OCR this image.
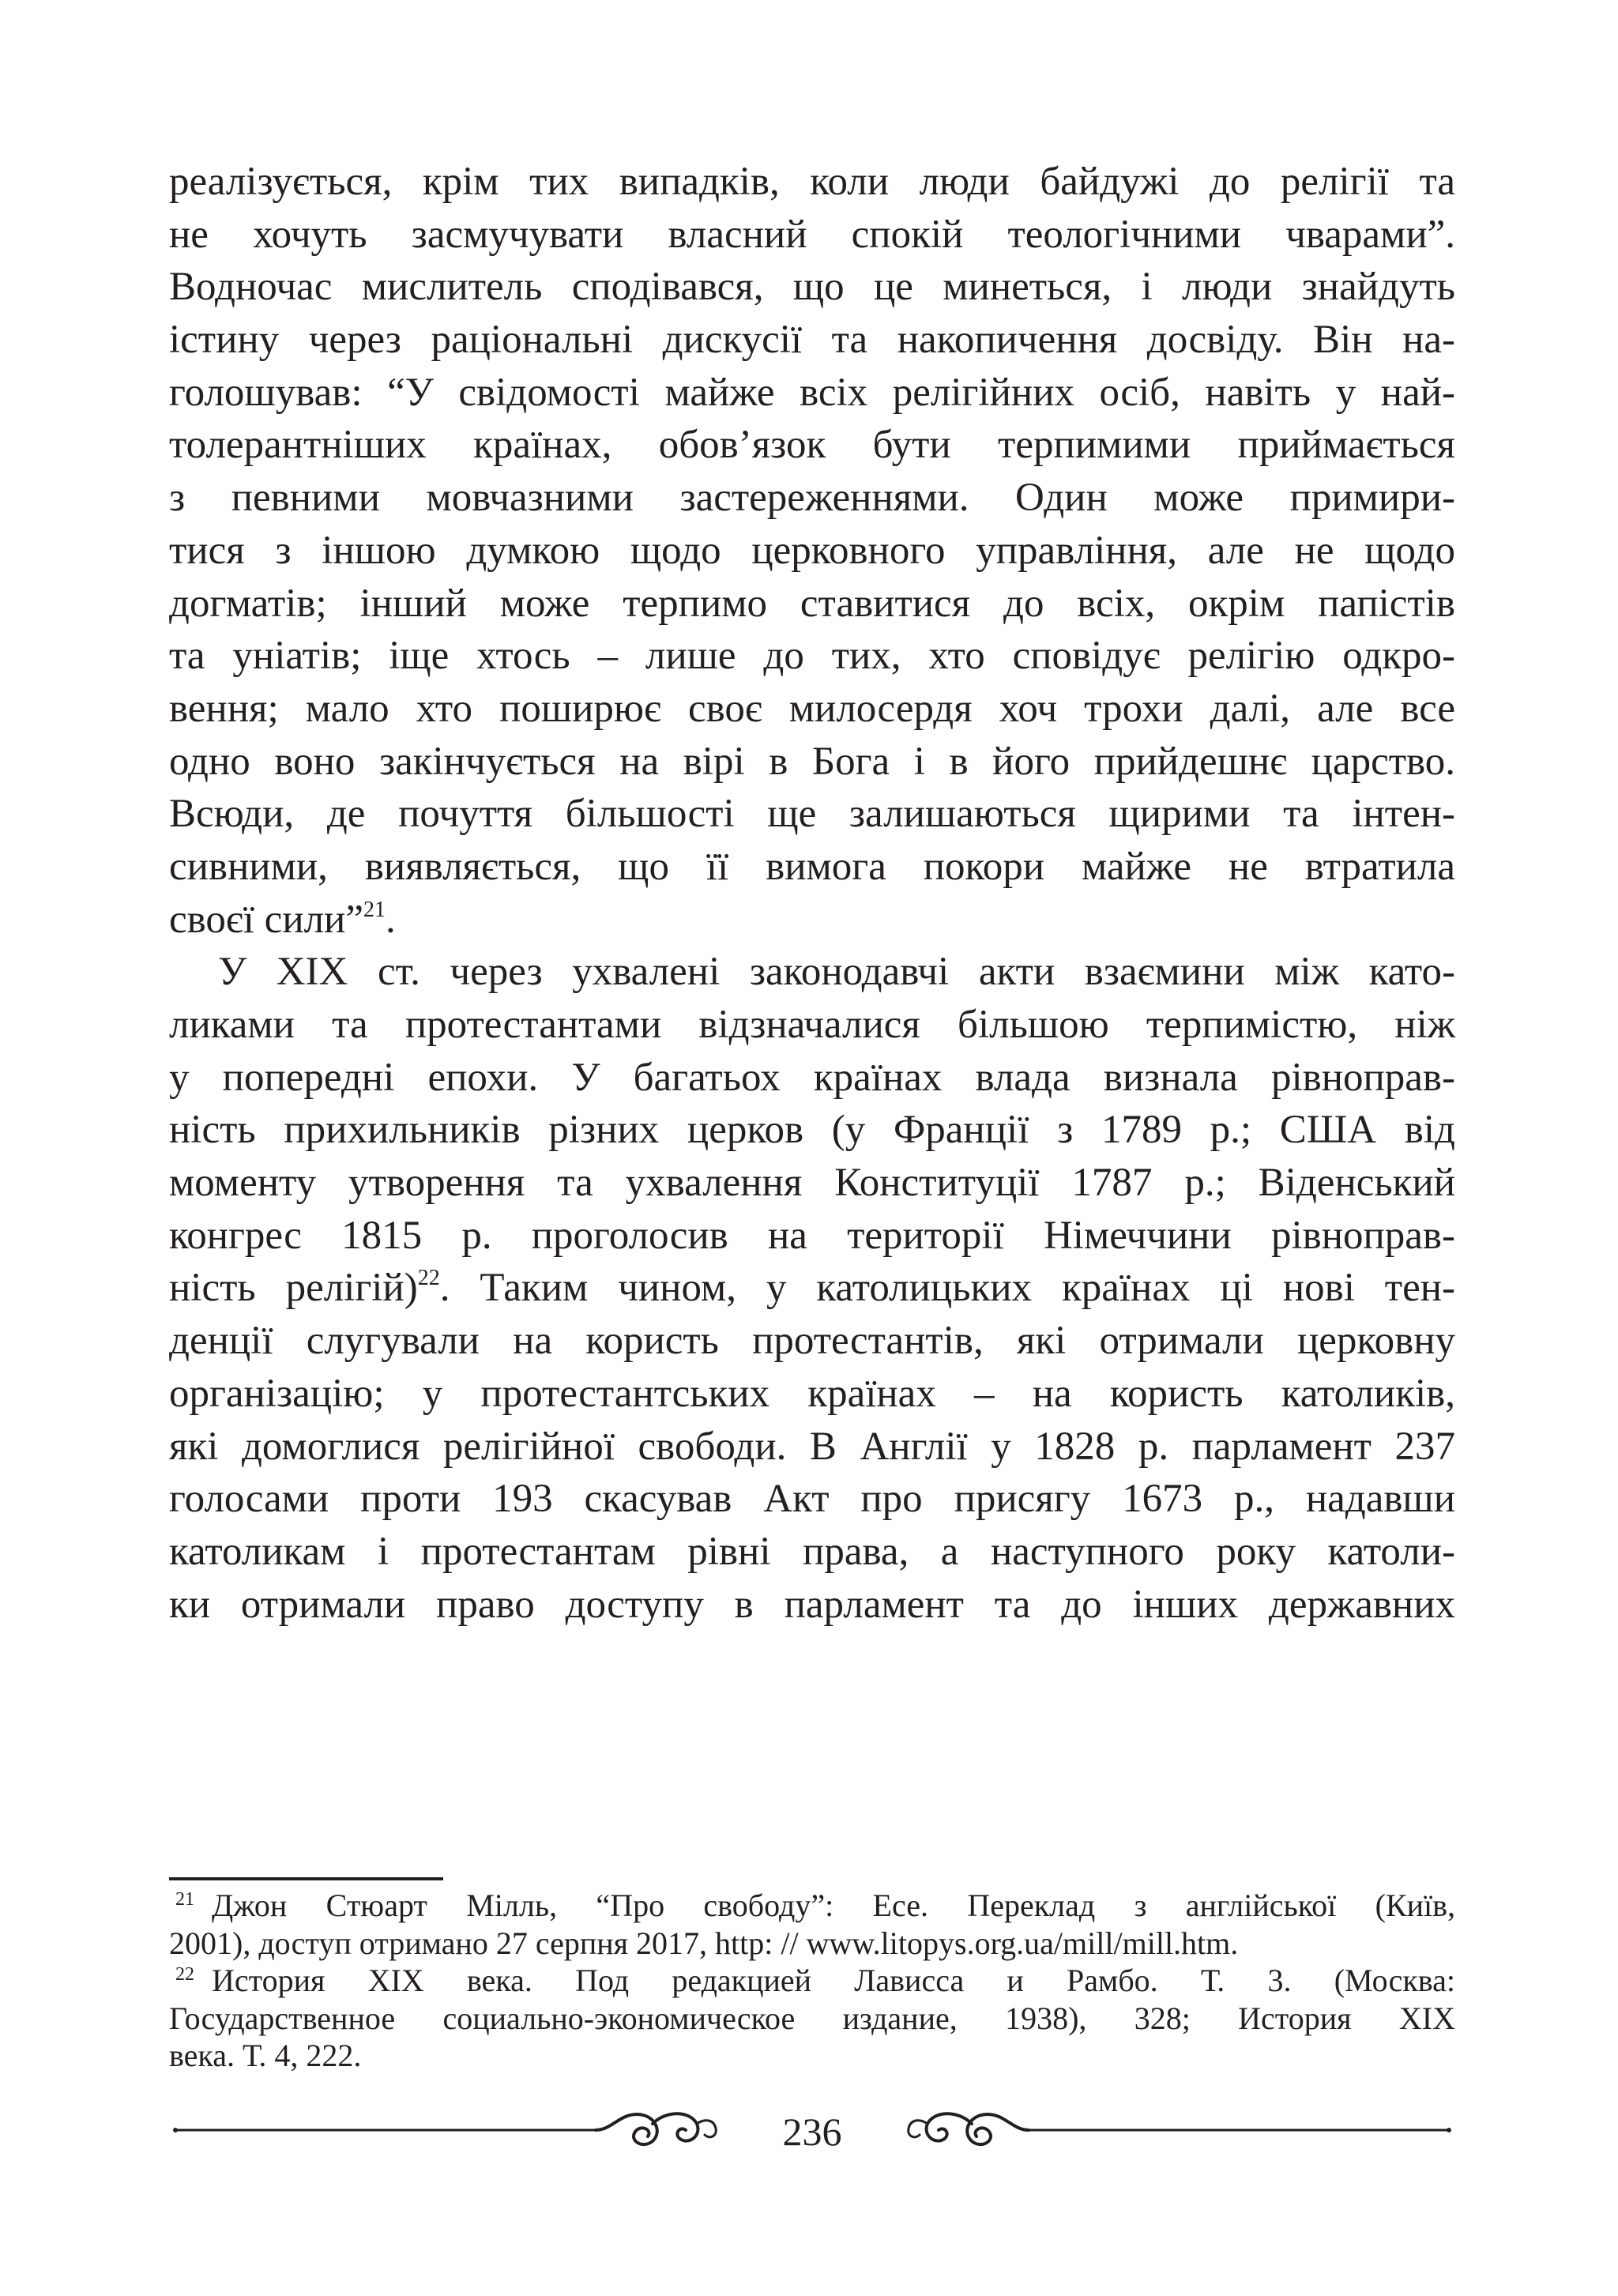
реалізується, крім тих випадків, коли люди байдужі до релігії та
не хочуть засмучувати власний спокій теологічними чварами”.
Водночас мислитель сподівався, що це минеться, і люди знайдуть
істину через раціональні дискусії та накопичення досвіду. Він на-
голошував: “У свідомості майже всіх релігійних осіб, навіть у най-
толерантніших країнах, обов’язок бути терпимими приймається
з певними мовчазними застереженнями. Один може примири-
тися з іншою думкою щодо церковного управління, але не щодо
догматів; інший може терпимо ставитися до всіх, окрім папістів
та уніатів; іще хтось – лише до тих, хто сповідує релігію одкро-
вення; мало хто поширює своє милосердя хоч трохи далі, але все
одно воно закінчується на вірі в Бога і в його прийдешнє царство.
Всюди, де почуття більшості ще залишаються щирими та інтен-
сивними, виявляється, що її вимога покори майже не втратила
своєї сили”$^{21}$.
У XIX ст. через ухвалені законодавчі акти взаємини між като-
ликами та протестантами відзначалися більшою терпимістю, ніж
у попередні епохи. У багатьох країнах влада визнала рівноправ-
ність прихильників різних церков (у Франції з 1789 р.; США від
моменту утворення та ухвалення Конституції 1787 р.; Віденський
конгрес 1815 р. проголосив на території Німеччини рівноправ-
ність релігій)$^{22}$. Таким чином, у католицьких країнах ці нові тен-
денції слугували на користь протестантів, які отримали церковну
організацію; у протестантських країнах – на користь католиків,
які домоглися релігійної свободи. В Англії у 1828 р. парламент 237
голосами проти 193 скасував Акт про присягу 1673 р., надавши
католикам і протестантам рівні права, а наступного року католи-
ки отримали право доступу в парламент та до інших державних
$^{21}$ Джон Стюарт Мілль, “Про свободу”: Есе. Переклад з англійської (Київ,
2001), доступ отримано 27 серпня 2017, http: // www.litopys.org.ua/mill/mill.htm.
$^{22}$ История XIX века. Под редакцией Лависса и Рамбо. Т. 3. (Москва:
Государственное социально-экономическое издание, 1938), 328; История XIX
века. Т. 4, 222.
236
